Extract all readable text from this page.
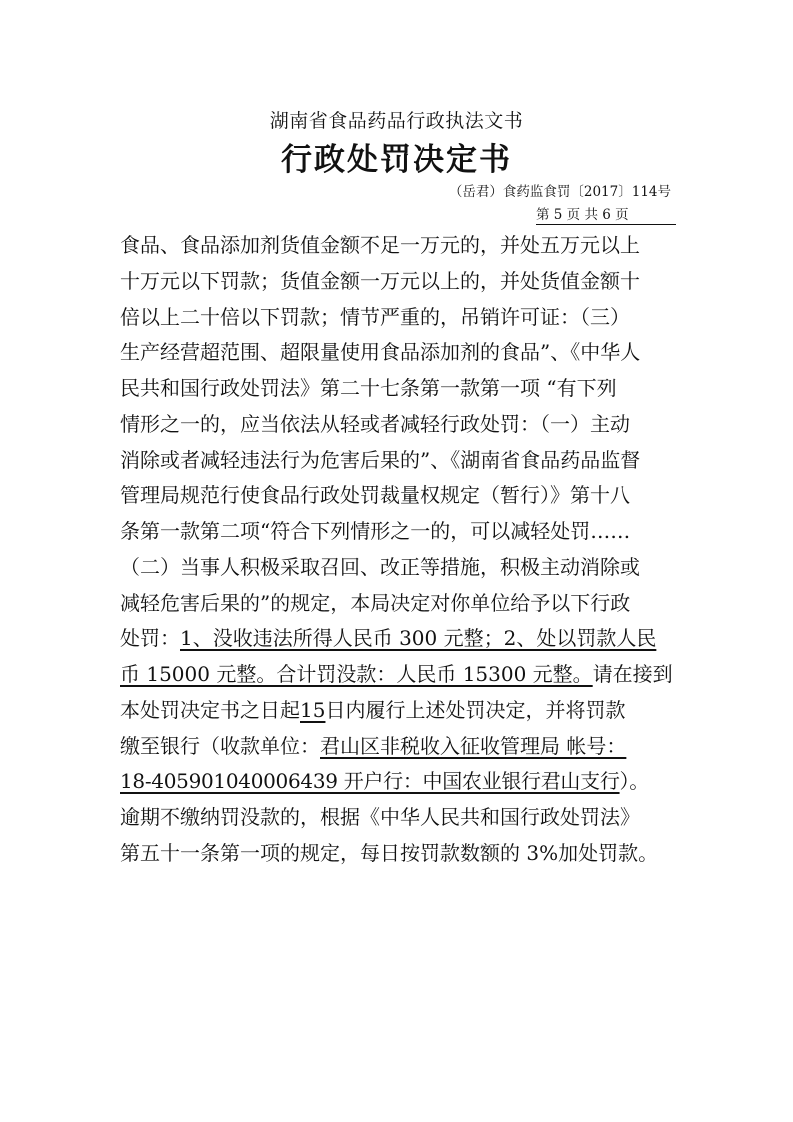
湖南省食品药品行政执法文书
行政处罚决定书
（岳君）食药监食罚〔2017〕114号
第 5 页 共 6 页
食品、食品添加剂货值金额不足一万元的，并处五万元以上
十万元以下罚款；货值金额一万元以上的，并处货值金额十
倍以上二十倍以下罚款；情节严重的，吊销许可证：（三）
生产经营超范围、超限量使用食品添加剂的食品”、《中华人
民共和国行政处罚法》第二十七条第一款第一项 “有下列
情形之一的，应当依法从轻或者减轻行政处罚：（一）主动
消除或者减轻违法行为危害后果的”、《湖南省食品药品监督
管理局规范行使食品行政处罚裁量权规定（暂行）》第十八
条第一款第二项“符合下列情形之一的，可以减轻处罚……
（二）当事人积极采取召回、改正等措施，积极主动消除或
减轻危害后果的”的规定，本局决定对你单位给予以下行政
处罚：1、没收违法所得人民币 300 元整；2、处以罚款人民
币 15000 元整。合计罚没款：人民币 15300 元整。请在接到
本处罚决定书之日起15日内履行上述处罚决定，并将罚款
缴至银行（收款单位：君山区非税收入征收管理局 帐号：
18-405901040006439 开户行：中国农业银行君山支行）。
逾期不缴纳罚没款的，根据《中华人民共和国行政处罚法》
第五十一条第一项的规定，每日按罚款数额的 3%加处罚款。
